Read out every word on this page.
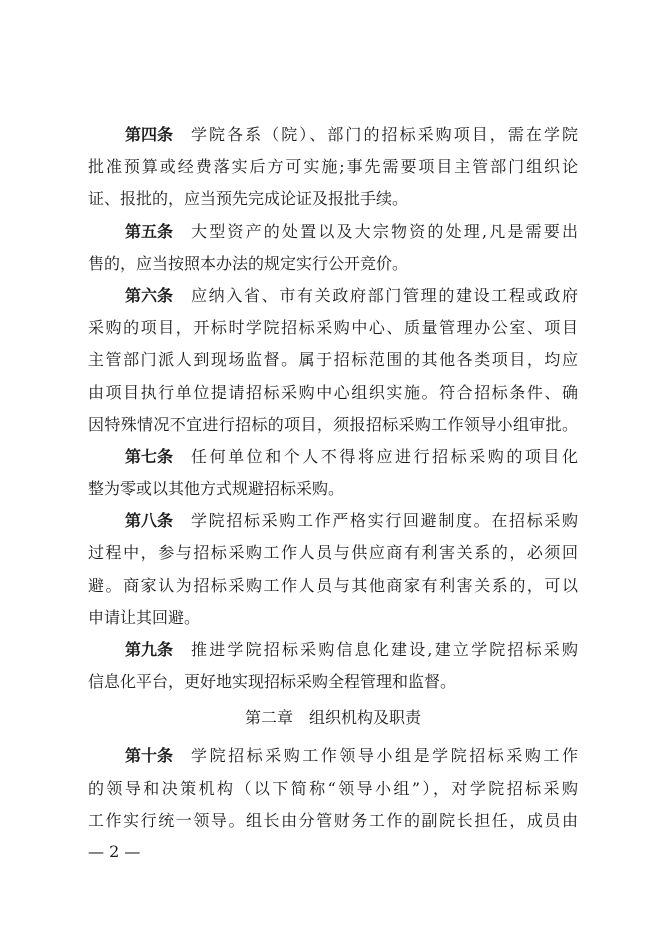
第四条 学院各系（院）、部门的招标采购项目，需在学院
批准预算或经费落实后方可实施;事先需要项目主管部门组织论
证、报批的，应当预先完成论证及报批手续。
第五条 大型资产的处置以及大宗物资的处理,凡是需要出
售的，应当按照本办法的规定实行公开竞价。
第六条 应纳入省、市有关政府部门管理的建设工程或政府
采购的项目，开标时学院招标采购中心、质量管理办公室、项目
主管部门派人到现场监督。属于招标范围的其他各类项目，均应
由项目执行单位提请招标采购中心组织实施。符合招标条件、确
因特殊情况不宜进行招标的项目，须报招标采购工作领导小组审批。
第七条 任何单位和个人不得将应进行招标采购的项目化
整为零或以其他方式规避招标采购。
第八条 学院招标采购工作严格实行回避制度。在招标采购
过程中，参与招标采购工作人员与供应商有利害关系的，必须回
避。商家认为招标采购工作人员与其他商家有利害关系的，可以
申请让其回避。
第九条 推进学院招标采购信息化建设,建立学院招标采购
信息化平台，更好地实现招标采购全程管理和监督。
第二章　组织机构及职责
第十条 学院招标采购工作领导小组是学院招标采购工作
的领导和决策机构（以下简称“领导小组”），对学院招标采购
工作实行统一领导。组长由分管财务工作的副院长担任，成员由
— 2 —
